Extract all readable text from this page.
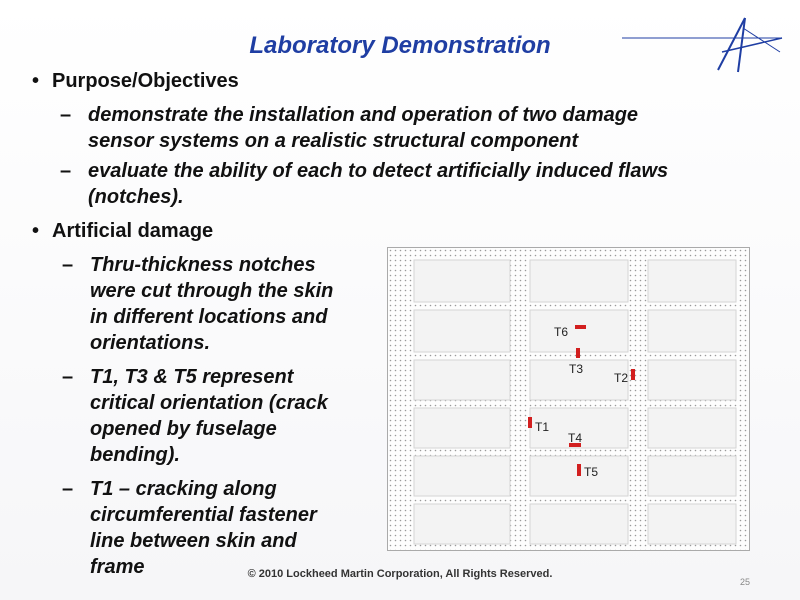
Laboratory Demonstration
• Purpose/Objectives
– demonstrate the installation and operation of two damage
sensor systems on a realistic structural component
– evaluate the ability of each to detect artificially induced flaws
(notches).
• Artificial damage
– Thru-thickness notches
were cut through the skin
in different locations and
orientations.
– T1, T3 & T5 represent
critical orientation (crack
opened by fuselage
bending).
– T1 – cracking along
circumferential fastener
line between skin and
frame
T6
T3
T2
T1
T4
T5
© 2010 Lockheed Martin Corporation, All Rights Reserved.
25
